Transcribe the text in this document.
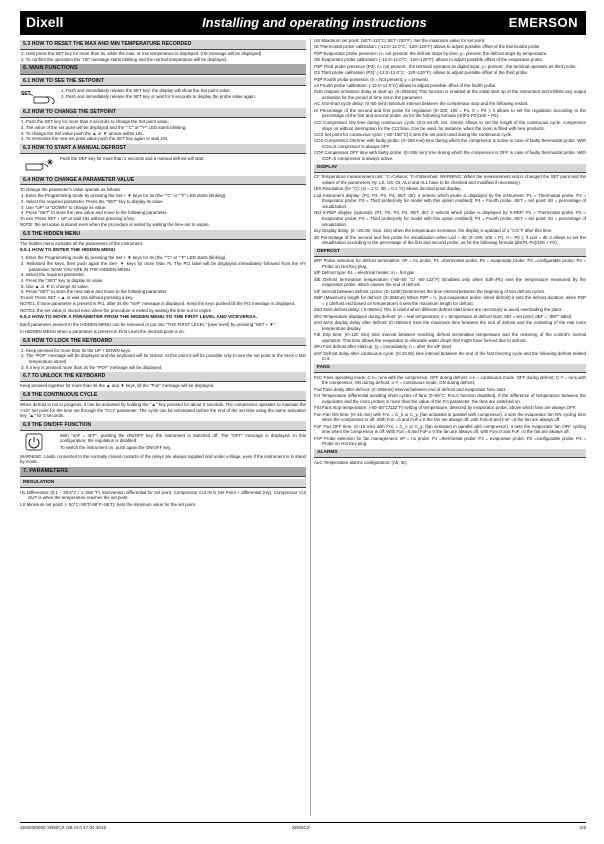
Dixell	Installing and operating instructions	EMERSON
5.3 HOW TO RESET THE MAX AND MIN TEMPERATURE RECORDED
1. Hold press the SET key for more than 3s, while the max. or min temperature is displayed. (rSt message will be displayed)
2. To confirm the operation the "rSt" message starts blinking and the normal temperature will be displayed.
6. MAIN FUNCTIONS
6.1 HOW TO SEE THE SETPOINT
SET
1. Push and immediately release the SET key: the display will show the Set point value;
2. Push and immediately release the SET key or wait for 5 seconds to display the probe value again.
6.2 HOW TO CHANGE THE SETPOINT
1. Push the SET key for more than 2 seconds to change the Set point value;
2. The value of the set point will be displayed and the "°C" or "°F" LED starts blinking;
3. To change the Set value push the ▲ or ▼ arrows within 10s.
4. To memorise the new set point value push the SET key again or wait 10s.
6.3 HOW TO START A MANUAL DEFROST
Push the DEF key for more than 2 seconds and a manual defrost will start.
6.4 HOW TO CHANGE A PARAMETER VALUE
To change the parameter's value operate as follows:
1. Enter the Programming mode by pressing the Set + ▼ keys for 3s (the "°C" or "°F" LED starts blinking).
2. Select the required parameter. Press the "SET" key to display its value
3. Use "UP" or "DOWN" to change its value.
4. Press "SET" to store the new value and move to the following parameter.
To exit: Press SET + UP or wait 15s without pressing a key.
NOTE: the set value is stored even when the procedure is exited by waiting the time-out to expire.
6.5 THE HIDDEN MENU
The hidden menu includes all the parameters of the instrument.
6.5.1 HOW TO ENTER THE HIDDEN MENU
1. Enter the Programming mode by pressing the Set + ▼ keys for 3s (the "°C" or "°F" LED starts blinking).
2. Released the keys, then push again the Set+ ▼ keys for more than 7s. The Pr2 label will be displayed immediately followed from the HY parameter. NOW YOU ARE IN THE HIDDEN MENU.
3. Select the required parameter.
4. Press the "SET" key to display its value
5. Use ▲ or ▼ to change its value.
6. Press "SET" to store the new value and move to the following parameter.
To exit: Press SET + ▲ or wait 15s without pressing a key.
NOTE1: if none parameter is present in Pr1, after 3s the "noP" message is displayed. Keep the keys pushed till the Pr2 message is displayed.
NOTE2: the set value is stored even when the procedure is exited by waiting the time-out to expire.
6.5.2 HOW TO MOVE A PARAMETER FROM THE HIDDEN MENU TO THE FIRST LEVEL AND VICEVERSA.
Each parameter present in the HIDDEN MENU can be removed or put into "THE FIRST LEVEL" (user level) by pressing "SET + ▼".
In HIDDEN MENU when a parameter is present in First Level the decimal point is on.
6.6 HOW TO LOCK THE KEYBOARD
1. Keep pressed for more than 3s the UP + DOWN keys.
2. The "POF" message will be displayed and the keyboard will be locked. At this point it will be possible only to see the set point or the MAX o Min temperature stored
3. If a key is pressed more than 3s the "POF" message will be displayed.
6.7 TO UNLOCK THE KEYBOARD
Keep pressed together for more than 3s the ▲ and ▼ keys, till the "Pon" message will be displayed.
6.8 THE CONTINUOUS CYCLE
When defrost is not in progress, it can be activated by holding the "▲" key pressed for about 3 seconds. The compressor operates to maintain the "ccS" set point for the time set through the "CCt" parameter. The cycle can be terminated before the end of the set time using the same activation key "▲" for 3 seconds.
6.9 THE ON/OFF FUNCTION
With "onF = oFF", pushing the ON/OFF key, the instrument is switched off. The "OFF" message is displayed. In this configuration, the regulation is disabled.
To switch the instrument on, push again the ON/OFF key.
WARNING: Loads connected to the normally closed contacts of the relays are always supplied and under voltage, even if the instrument is in stand by mode.
7. PARAMETERS
REGULATION
Hy Differential: (0,1 ÷ 25,5°C / 1÷255 °F) Intervention differential for set point. Compressor Cut IN is Set Point + differential (Hy). Compressor Cut OUT is when the temperature reaches the set point.
LS Minimum set point: (- 50°C÷SET/-58°F÷SET): Sets the minimum value for the set point.
US Maximum set point: (SET÷110°C/ SET÷230°F). Set the maximum value for set point.
Ot Thermostat probe calibration: (-12.0÷12.0°C; -120÷120°F) allows to adjust possible offset of the thermostat probe.
P2P Evaporator probe presence: n= not present: the defrost stops by time; y= present: the defrost stops by temperature.
OE Evaporator probe calibration: (-12.0÷12.0°C; -120÷120°F). allows to adjust possible offset of the evaporator probe.
P3P Third probe presence (P3): n= not present:, the terminal operates as digital input; y= present:, the terminal operates as third probe.
O3 Third probe calibration (P3): (-12.0÷12.0°C; -120÷120°F). allows to adjust possible offset of the third probe.
P4P Fourth probe presence: (n = Not present; y = present).
o4 Fourth probe calibration: (-12.0÷12.0°C) allows to adjust possible offset of the fourth probe.
OdS Outputs activation delay at start up: (0÷255min) This function is enabled at the initial start up of the instrument and inhibits any output activation for the period of time set in the parameter.
AC Anti-short cycle delay: (0÷50 min) minimum interval between the compressor stop and the following restart.
rtr Percentage of the second and first probe for regulation (0÷100; 100 = P1, 0 = P2 ): it allows to set the regulation according to the percentage of the first and second probe, as for the following formula (rtr(P1-P2)/100 + P2).
CCt Compressor ON time during continuous cycle: (0.0÷24.0h; res. 10min) Allows to set the length of the continuous cycle: compressor stays on without interruption for the CCt time. Can be used, for instance, when the room is filled with new products.
CCS Set point for continuous cycle: (-50÷150°C) it sets the set point used during the continuous cycle.
COn Compressor ON time with faulty probe: (0÷255 min) time during which the compressor is active in case of faulty thermostat probe. With COn=0 compressor is always OFF.
COF Compressor OFF time with faulty probe: (0÷255 min) time during which the compressor is OFF in case of faulty thermostat probe. With COF=0 compressor is always active.
DISPLAY
CF Temperature measurement unit: °C=Celsius; °F=Fahrenheit. WARNING: When the measurement unit is changed the SET point and the values of the parameters Hy, LS, US, Ot, ALU and ALL have to be checked and modified if necessary).
rES Resolution (for °C): (in = 1°C; dE = 0.1 °C) allows decimal point display.
Lod Instrument display: (P1; P2, P3, P4, SET, dtr): it selects which probe is displayed by the instrument: P1 = Thermostat probe; P2 = Evaporator probe; P3 = Third probe(only for model with this option enabled); P4 = Fourth probe, SET = set point; dtr = percentage of visualization.
rEd X-REP display (optional): (P1; P2, P3, P4, SET, dtr): it selects which probe is displayed by X-REP: P1 = Thermostat probe; P2 = Evaporator probe; P3 = Third probe(only for model with this option enabled); P4 = Fourth probe, SET = set point; dtr = percentage of visualization.
dLy Display delay: (0 ÷20.0m; risul. 10s) when the temperature increases, the display is updated of 1 °C/1°F after this time.
dtr Percentage of the second and first probe for visualization when Lod = dtr (0÷100; 100 = P1, 0 = P2 ): if Lod = dtr it allows to set the visualization according to the percentage of the first and second probe, as for the following formula (dtr(P1-P2)/100 + P2).
DEFROST
dFP Probe selection for defrost termination: nP = no probe; P1 =thermostat probe; P2 = evaporator probe; P3 =configurable probe; P4 = Probe on Hot Key plug.
tdF Defrost type: EL = electrical heater; in = hot gas
dtE Defrost termination temperature: (-50÷50 °C/ -58÷122°F) (Enabled only when EdF=Pb) sets the temperature measured by the evaporator probe, which causes the end of defrost.
IdF Interval between defrost cycles: (0÷120h) Determines the time interval between the beginning of two defrost cycles.
MdF (Maximum) length for defrost: (0÷255min) When P2P = n, (not evaporator probe: timed defrost) it sets the defrost duration, when P2P = y (defrost end based on temperature) it sets the maximum length for defrost.
dSd Start defrost delay: ( 0÷99min) This is useful when different defrost start times are necessary to avoid overloading the plant.
dFd Temperature displayed during defrost: (rt = real temperature; it = temperature at defrost start; SEt = set point; dEF = "dEF" label)
dAd MAX display delay after defrost: (0÷255min) Sets the maximum time between the end of defrost and the restarting of the real room temperature display.
Fdt Drip time: (0÷120 min) time interval between reaching defrost termination temperature and the restoring of the control's normal operation. This time allows the evaporator to eliminate water drops that might have formed due to defrost.
dPo First defrost after start-up: (y = immediately; n = after the IdF time)
dAF Defrost delay after continuous cycle: (0÷23.5h) time interval between the end of the fast freezing cycle and the following defrost related to it.
FANS
FnC Fans operating mode: C-n= runs with the compressor, OFF during defrost; o-n = continuous mode, OFF during defrost; C-Y = runs with the compressor, ON during defrost; o-Y = continuous mode, ON during defrost;
Fnd Fans delay after defrost: (0÷255min) Interval between end of defrost and evaporator fans start.
Fct Temperature differential avoiding short cycles of fans (0÷59°C; Fct=0 function disabled). If the difference of temperature between the evaporator and the room probes is more than the value of the Fct parameter, the fans are switched on.
FSt Fans stop temperature: (-50÷50°C/122°F) setting of temperature, detected by evaporator probe, above which fans are always OFF.
Fon Fan ON time: (0÷15 min) with Fnc = C_n or C_y, (fan activated in parallel with compressor). it sets the evaporator fan ON cycling time when the compressor is off. With Fon =0 and FoF ≠ 0 the fan are always off, with Fon=0 and FoF =0 the fan are always off.
FoF Fan OFF time: (0÷15 min) with Fnc = C_n or C_y, (fan activated in parallel with compressor). it sets the evaporator fan OFF cycling time when the compressor is off. With Fon =0 and FoF ≠ 0 the fan are always off, with Fon=0 and FoF =0 the fan are always off.
FAP Probe selection for fan management: nP = no probe; P1 =thermostat probe; P2 = evaporator probe; P3 =configurable probe; P4 = Probe on Hot Key plug.
ALARMS
ALC Temperature alarms configuration: (Ab; rE)
1592020060 XR60CX GB r4.0 17.04.2015	XR60CX	2/5
